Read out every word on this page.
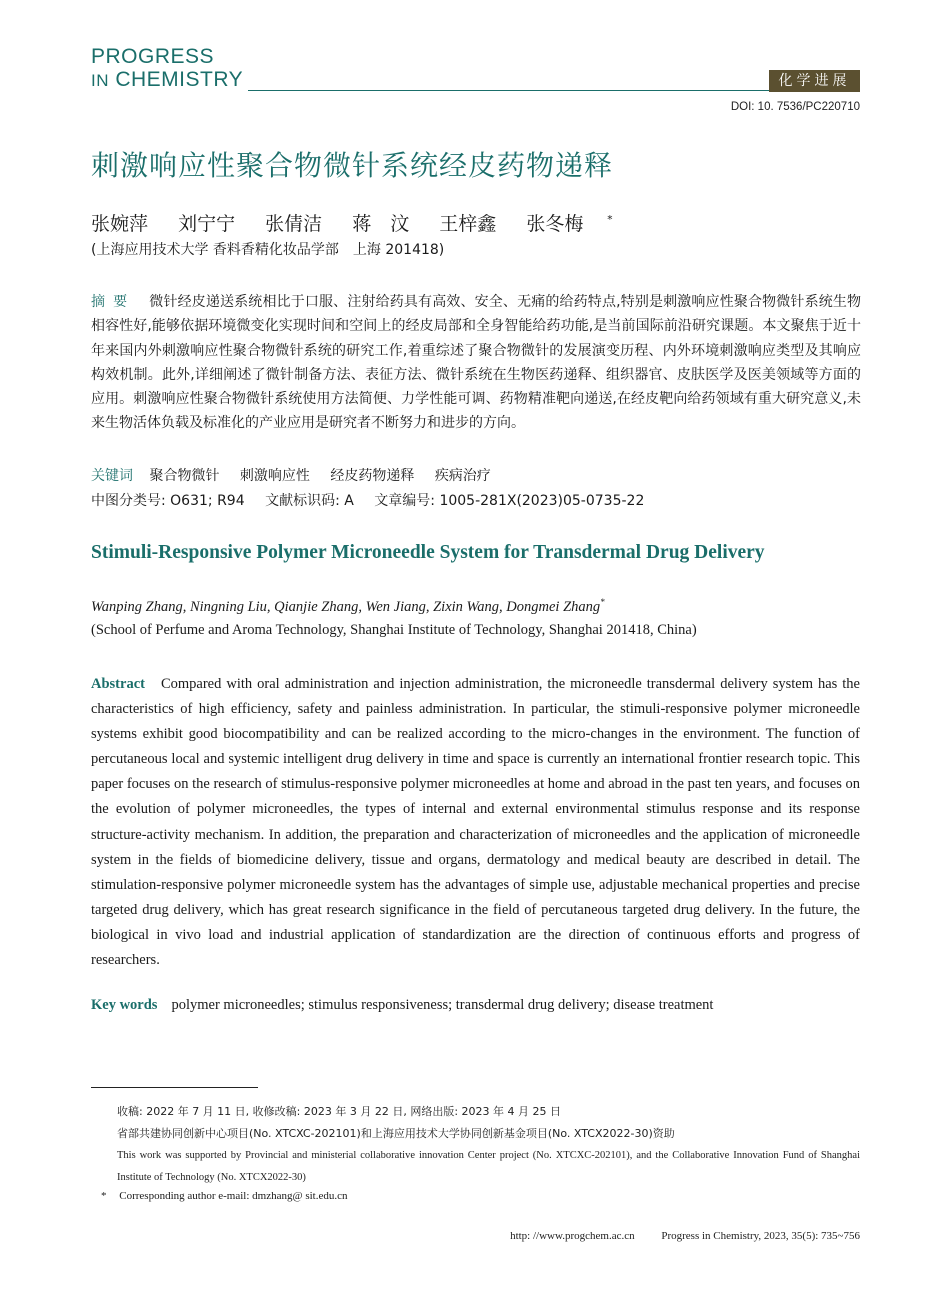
PROGRESS
IN CHEMISTRY	化学进展
DOI: 10. 7536/PC220710
刺激响应性聚合物微针系统经皮药物递释
张婉萍 刘宁宁 张倩洁 蒋　汶 王梓鑫 张冬梅 *
(上海应用技术大学 香料香精化妆品学部　上海 201418)
摘要 微针经皮递送系统相比于口服、注射给药具有高效、安全、无痛的给药特点,特别是刺激响应性聚合物微针系统生物相容性好,能够依据环境微变化实现时间和空间上的经皮局部和全身智能给药功能,是当前国际前沿研究课题。本文聚焦于近十年来国内外刺激响应性聚合物微针系统的研究工作,着重综述了聚合物微针的发展演变历程、内外环境刺激响应类型及其响应构效机制。此外,详细阐述了微针制备方法、表征方法、微针系统在生物医药递释、组织器官、皮肤医学及医美领域等方面的应用。刺激响应性聚合物微针系统使用方法简便、力学性能可调、药物精准靶向递送,在经皮靶向给药领域有重大研究意义,未来生物活体负载及标准化的产业应用是研究者不断努力和进步的方向。
关键词 聚合物微针 刺激响应性 经皮药物递释 疾病治疗
中图分类号: O631; R94 文献标识码: A 文章编号: 1005-281X(2023)05-0735-22
Stimuli-Responsive Polymer Microneedle System for Transdermal Drug Delivery
Wanping Zhang, Ningning Liu, Qianjie Zhang, Wen Jiang, Zixin Wang, Dongmei Zhang*
(School of Perfume and Aroma Technology, Shanghai Institute of Technology, Shanghai 201418, China)
Abstract Compared with oral administration and injection administration, the microneedle transdermal delivery system has the characteristics of high efficiency, safety and painless administration. In particular, the stimuli-responsive polymer microneedle systems exhibit good biocompatibility and can be realized according to the micro-changes in the environment. The function of percutaneous local and systemic intelligent drug delivery in time and space is currently an international frontier research topic. This paper focuses on the research of stimulus-responsive polymer microneedles at home and abroad in the past ten years, and focuses on the evolution of polymer microneedles, the types of internal and external environmental stimulus response and its response structure-activity mechanism. In addition, the preparation and characterization of microneedles and the application of microneedle system in the fields of biomedicine delivery, tissue and organs, dermatology and medical beauty are described in detail. The stimulation-responsive polymer microneedle system has the advantages of simple use, adjustable mechanical properties and precise targeted drug delivery, which has great research significance in the field of percutaneous targeted drug delivery. In the future, the biological in vivo load and industrial application of standardization are the direction of continuous efforts and progress of researchers.
Key words polymer microneedles; stimulus responsiveness; transdermal drug delivery; disease treatment
收稿: 2022 年 7 月 11 日, 收修改稿: 2023 年 3 月 22 日, 网络出版: 2023 年 4 月 25 日
省部共建协同创新中心项目(No. XTCXC-202101)和上海应用技术大学协同创新基金项目(No. XTCX2022-30)资助
This work was supported by Provincial and ministerial collaborative innovation Center project (No. XTCXC-202101), and the Collaborative Innovation Fund of Shanghai Institute of Technology (No. XTCX2022-30)
* Corresponding author e-mail: dmzhang@ sit.edu.cn
http: //www.progchem.ac.cn Progress in Chemistry, 2023, 35(5): 735~756
